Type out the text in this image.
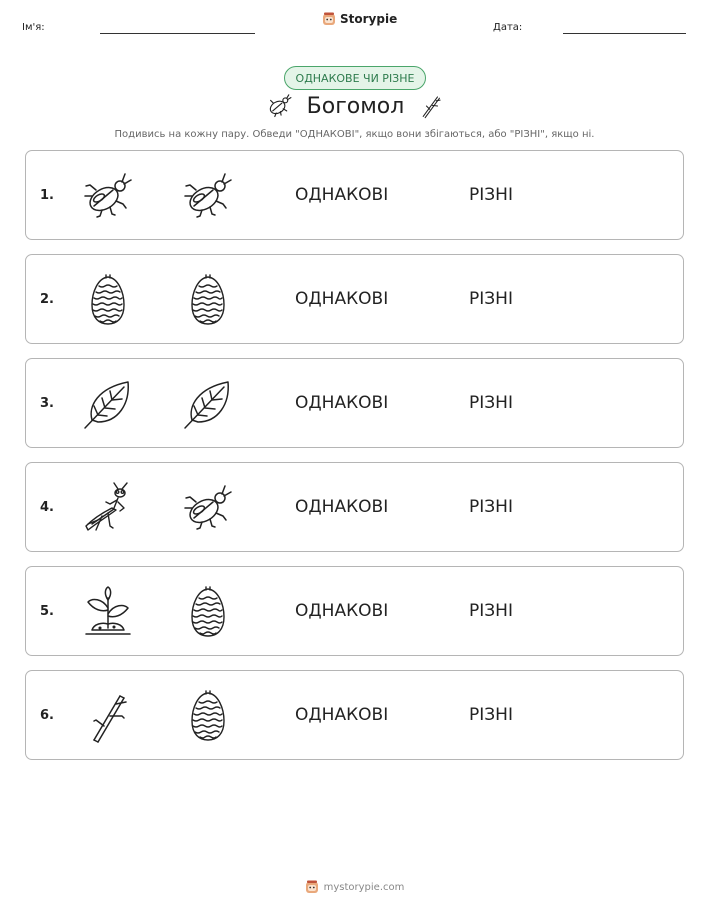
Ім'я:
Storypie
Дата:
ОДНАКОВЕ ЧИ РІЗНЕ
Богомол
Подивись на кожну пару. Обведи "ОДНАКОВІ", якщо вони збігаються, або "РІЗНІ", якщо ні.
1.	ОДНАКОВІ	РІЗНІ
2.	ОДНАКОВІ	РІЗНІ
3.	ОДНАКОВІ	РІЗНІ
4.	ОДНАКОВІ	РІЗНІ
5.	ОДНАКОВІ	РІЗНІ
6.	ОДНАКОВІ	РІЗНІ
mystorypie.com
